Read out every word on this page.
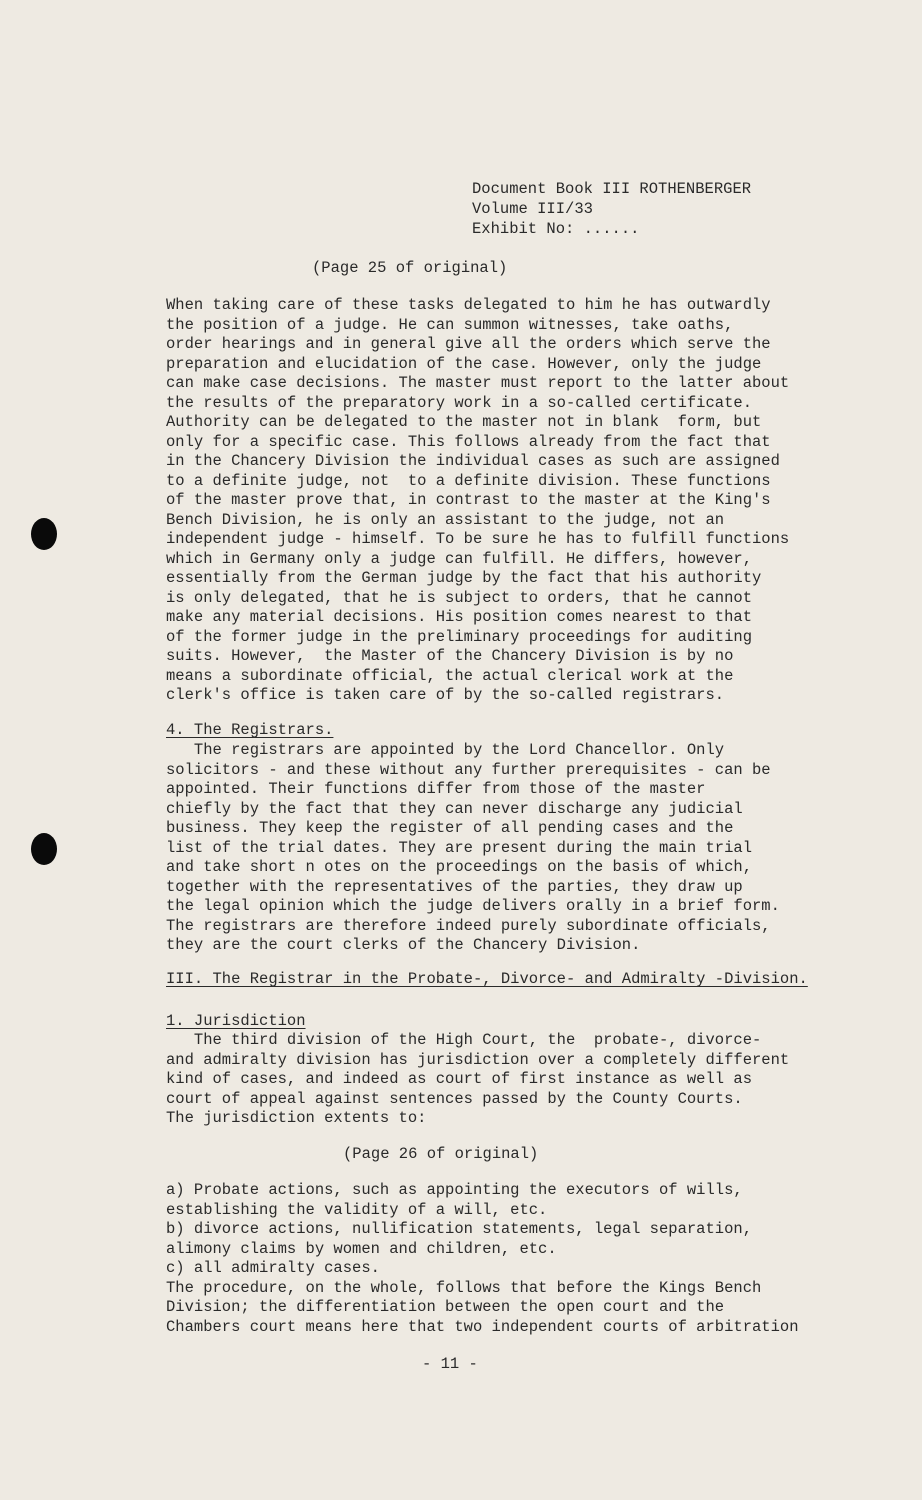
Document Book III ROTHENBERGER
Volume III/33
Exhibit No: ......
(Page 25 of original)
When taking care of these tasks delegated to him he has outwardly
the position of a judge. He can summon witnesses, take oaths,
order hearings and in general give all the orders which serve the
preparation and elucidation of the case. However, only the judge
can make case decisions. The master must report to the latter about
the results of the preparatory work in a so-called certificate.
Authority can be delegated to the master not in blank  form, but
only for a specific case. This follows already from the fact that
in the Chancery Division the individual cases as such are assigned
to a definite judge, not  to a definite division. These functions
of the master prove that, in contrast to the master at the King's
Bench Division, he is only an assistant to the judge, not an
independent judge - himself. To be sure he has to fulfill functions
which in Germany only a judge can fulfill. He differs, however,
essentially from the German judge by the fact that his authority
is only delegated, that he is subject to orders, that he cannot
make any material decisions. His position comes nearest to that
of the former judge in the preliminary proceedings for auditing
suits. However,  the Master of the Chancery Division is by no
means a subordinate official, the actual clerical work at the
clerk's office is taken care of by the so-called registrars.
4. The Registrars.
The registrars are appointed by the Lord Chancellor. Only
solicitors - and these without any further prerequisites - can be
appointed. Their functions differ from those of the master
chiefly by the fact that they can never discharge any judicial
business. They keep the register of all pending cases and the
list of the trial dates. They are present during the main trial
and take short n otes on the proceedings on the basis of which,
together with the representatives of the parties, they draw up
the legal opinion which the judge delivers orally in a brief form.
The registrars are therefore indeed purely subordinate officials,
they are the court clerks of the Chancery Division.
III. The Registrar in the Probate-, Divorce- and Admiralty -Division.
1. Jurisdiction
The third division of the High Court, the  probate-, divorce-
and admiralty division has jurisdiction over a completely different
kind of cases, and indeed as court of first instance as well as
court of appeal against sentences passed by the County Courts.
The jurisdiction extents to:
(Page 26 of original)
a) Probate actions, such as appointing the executors of wills,
establishing the validity of a will, etc.
b) divorce actions, nullification statements, legal separation,
alimony claims by women and children, etc.
c) all admiralty cases.
The procedure, on the whole, follows that before the Kings Bench
Division; the differentiation between the open court and the
Chambers court means here that two independent courts of arbitration
- 11 -
